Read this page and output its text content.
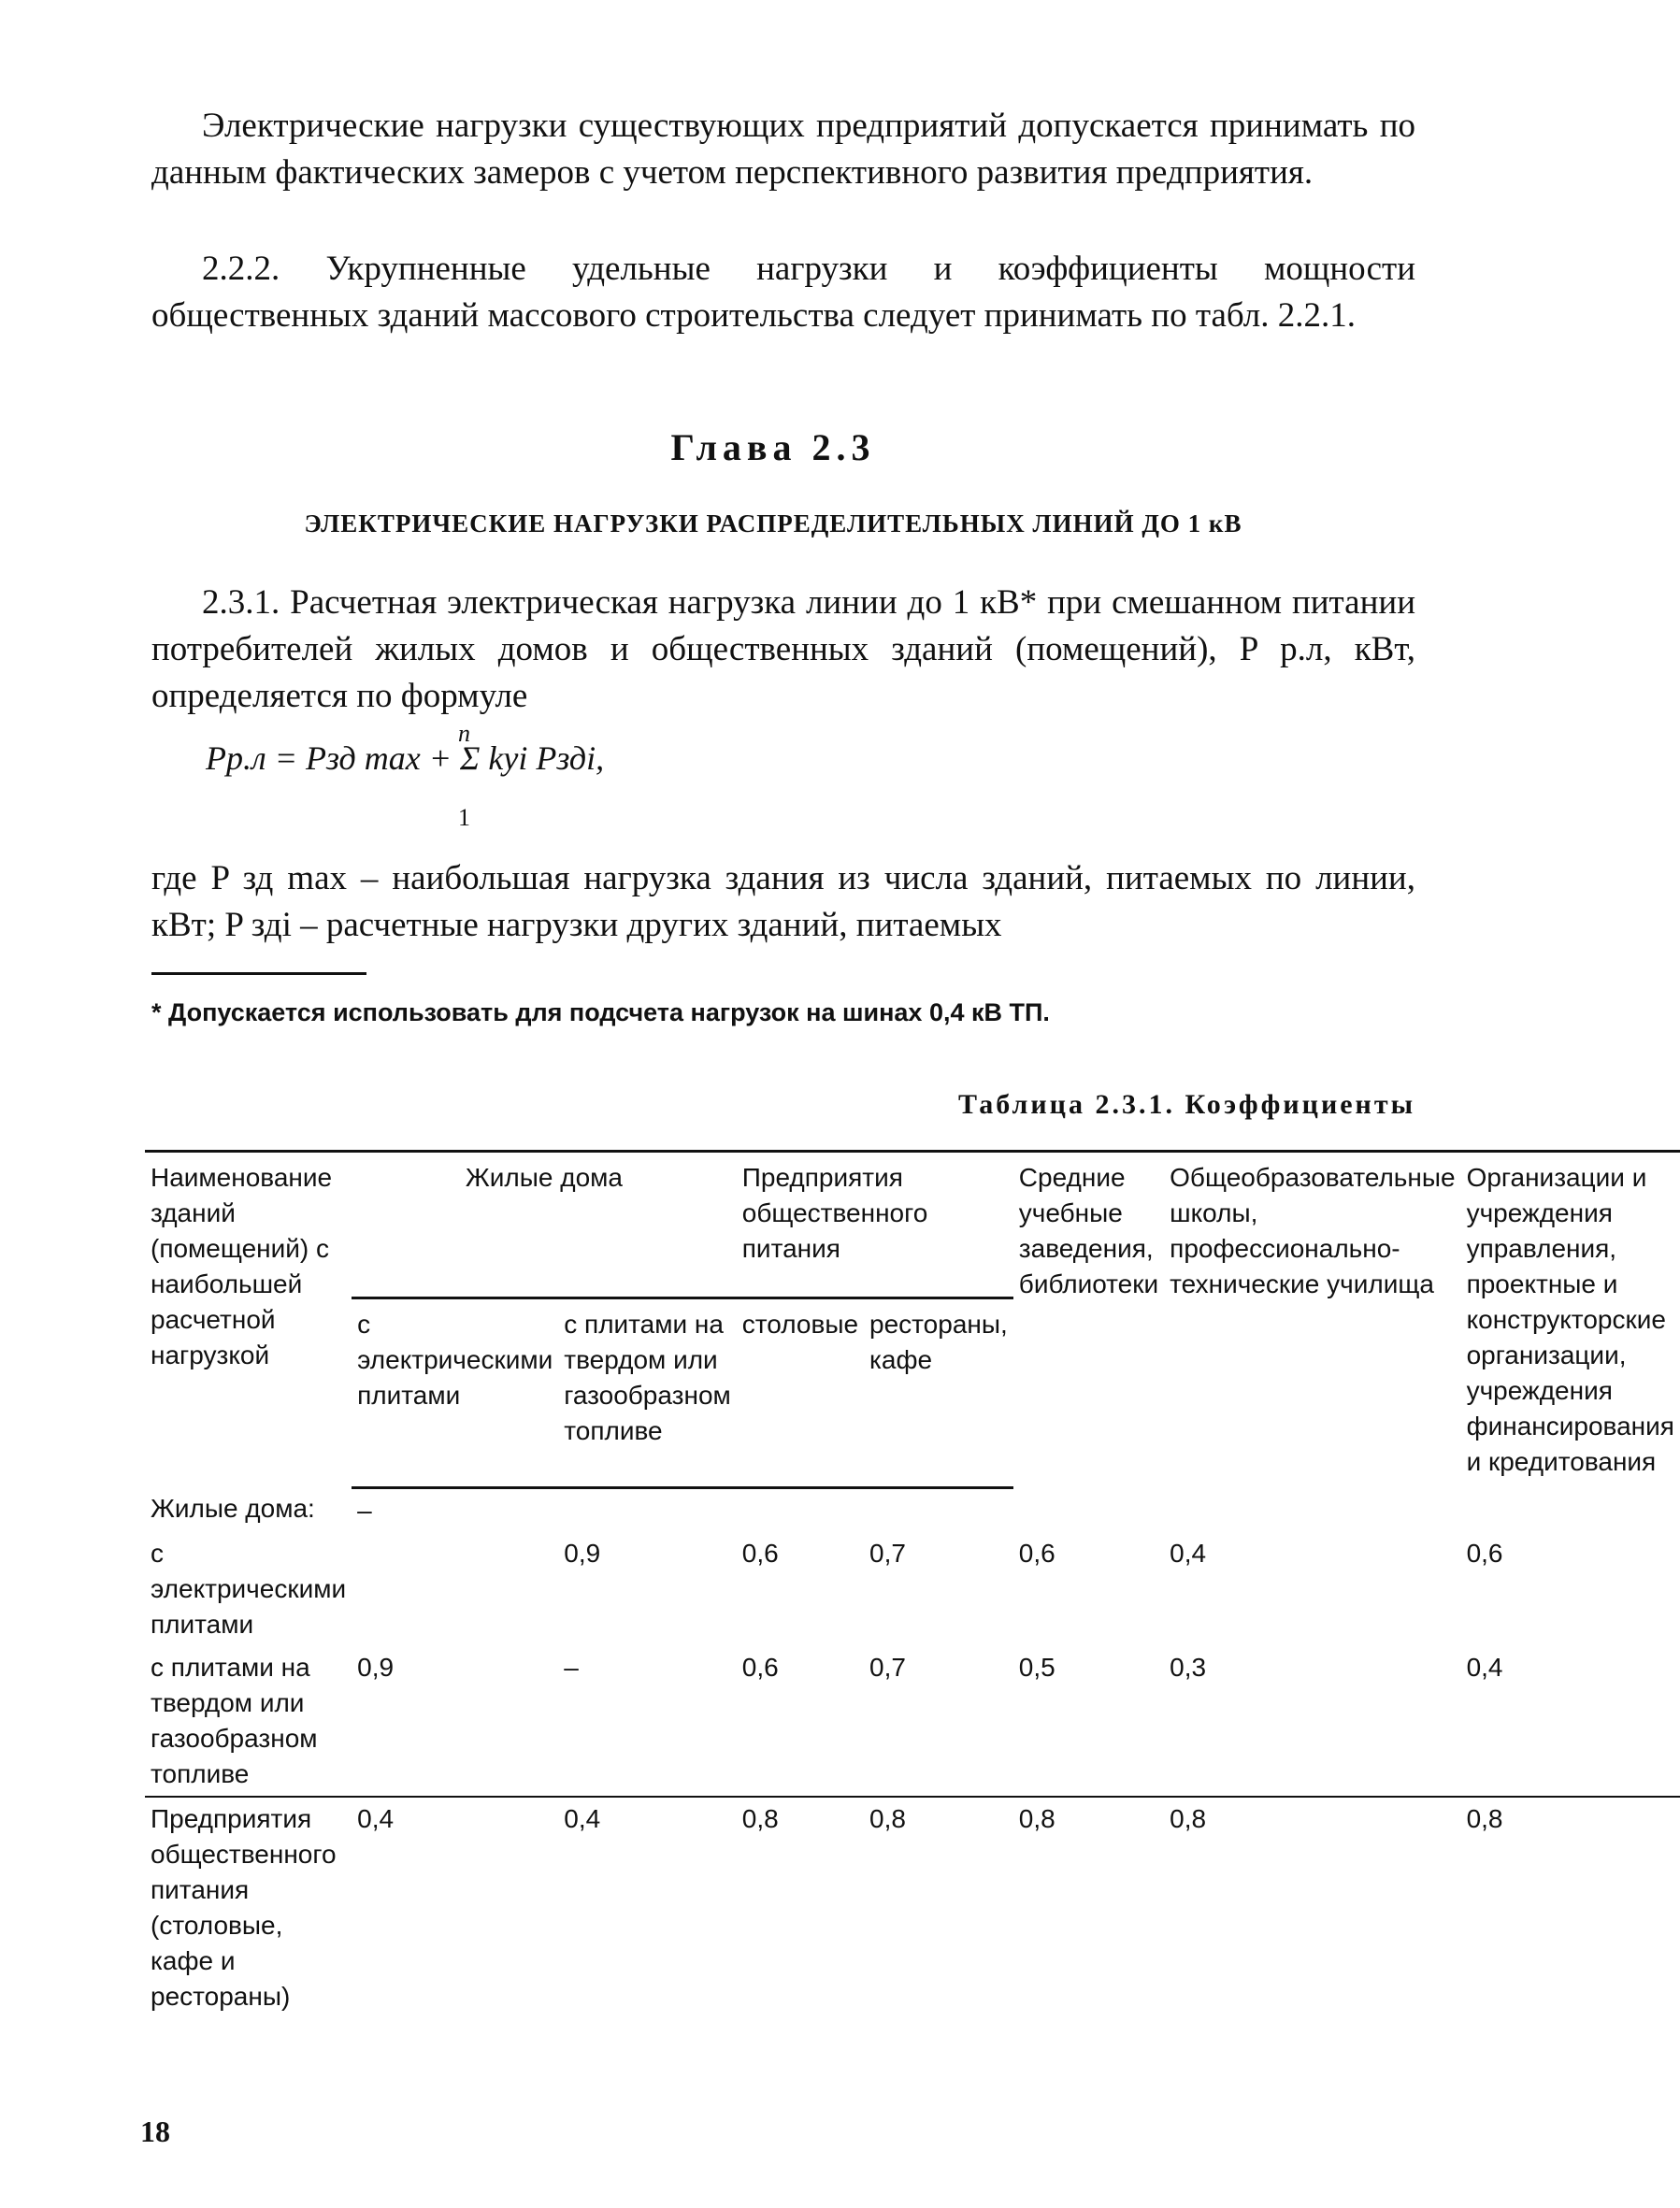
Электрические нагрузки существующих предприятий допускается принимать по данным фактических замеров с учетом перспективного развития предприятия.

2.2.2. Укрупненные удельные нагрузки и коэффициенты мощности общественных зданий массового строительства следует принимать по табл. 2.2.1.

Глава 2.3
ЭЛЕКТРИЧЕСКИЕ НАГРУЗКИ РАСПРЕДЕЛИТЕЛЬНЫХ ЛИНИЙ ДО 1 кВ

2.3.1. Расчетная электрическая нагрузка линии до 1 кВ* при смешанном питании потребителей жилых домов и общественных зданий (помещений), P р.л, кВт, определяется по формуле

n
Pр.л = Pзд max + Σ kyi Pздi,
1

где P зд max – наибольшая нагрузка здания из числа зданий, питаемых по линии, кВт; P здi – расчетные нагрузки других зданий, питаемых

* Допускается использовать для подсчета нагрузок на шинах 0,4 кВ ТП.
Таблица 2.3.1. Коэффициенты
Наименование зданий (помещений) с наибольшей расчетной нагрузкой	Жилые дома		Предприятия общественного питания		Средние учебные заведения, библиотеки	Общеобразовательные школы, профессионально-технические училища	Организации и учреждения управления, проектные и конструкторские организации, учреждения финансирования и кредитования
	с электрическими плитами	с плитами на твердом или газообразном топливе	столовые	рестораны, кафе			
Жилые дома:	–						
с электрическими плитами		0,9	0,6	0,7	0,6	0,4	0,6
с плитами на твердом или газообразном топливе	0,9	–	0,6	0,7	0,5	0,3	0,4
Предприятия общественного питания (столовые, кафе и рестораны)	0,4	0,4	0,8	0,8	0,8	0,8	0,8
18
